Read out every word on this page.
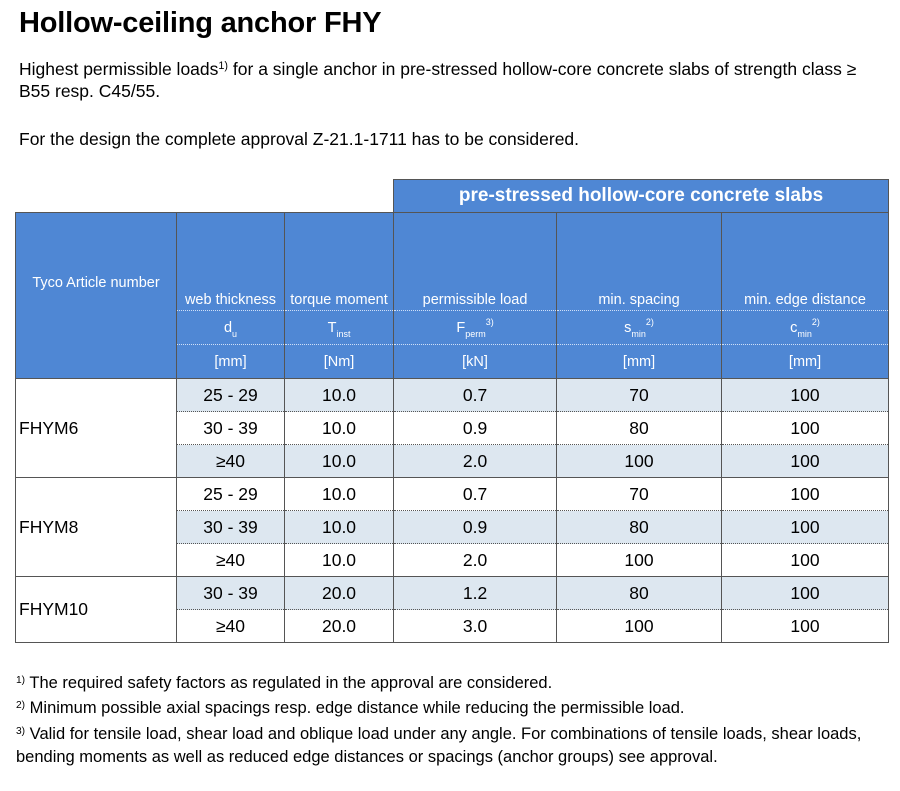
Hollow-ceiling anchor FHY

Highest permissible loads$^{1)}$ for a single anchor in pre-stressed hollow-core concrete slabs of strength class ≥ B55 resp. C45/55.

For the design the complete approval Z-21.1-1711 has to be considered.

			pre-stressed hollow-core concrete slabs		
Tyco Article number	web thickness	torque moment	permissible load	min. spacing	min. edge distance
	$d_u$	$T_{inst}$	$F_{perm}^{3)}$	$s_{min}^{2)}$	$c_{min}^{2)}$
	[mm]	[Nm]	[kN]	[mm]	[mm]
FHYM6	25 - 29	10.0	0.7	70	100
	30 - 39	10.0	0.9	80	100
	≥40	10.0	2.0	100	100
FHYM8	25 - 29	10.0	0.7	70	100
	30 - 39	10.0	0.9	80	100
	≥40	10.0	2.0	100	100
FHYM10	30 - 39	20.0	1.2	80	100
	≥40	20.0	3.0	100	100

$^{1)}$ The required safety factors as regulated in the approval are considered.

$^{2)}$ Minimum possible axial spacings resp. edge distance while reducing the permissible load.

$^{3)}$ Valid for tensile load, shear load and oblique load under any angle. For combinations of tensile loads, shear loads, bending moments as well as reduced edge distances or spacings (anchor groups) see approval.
